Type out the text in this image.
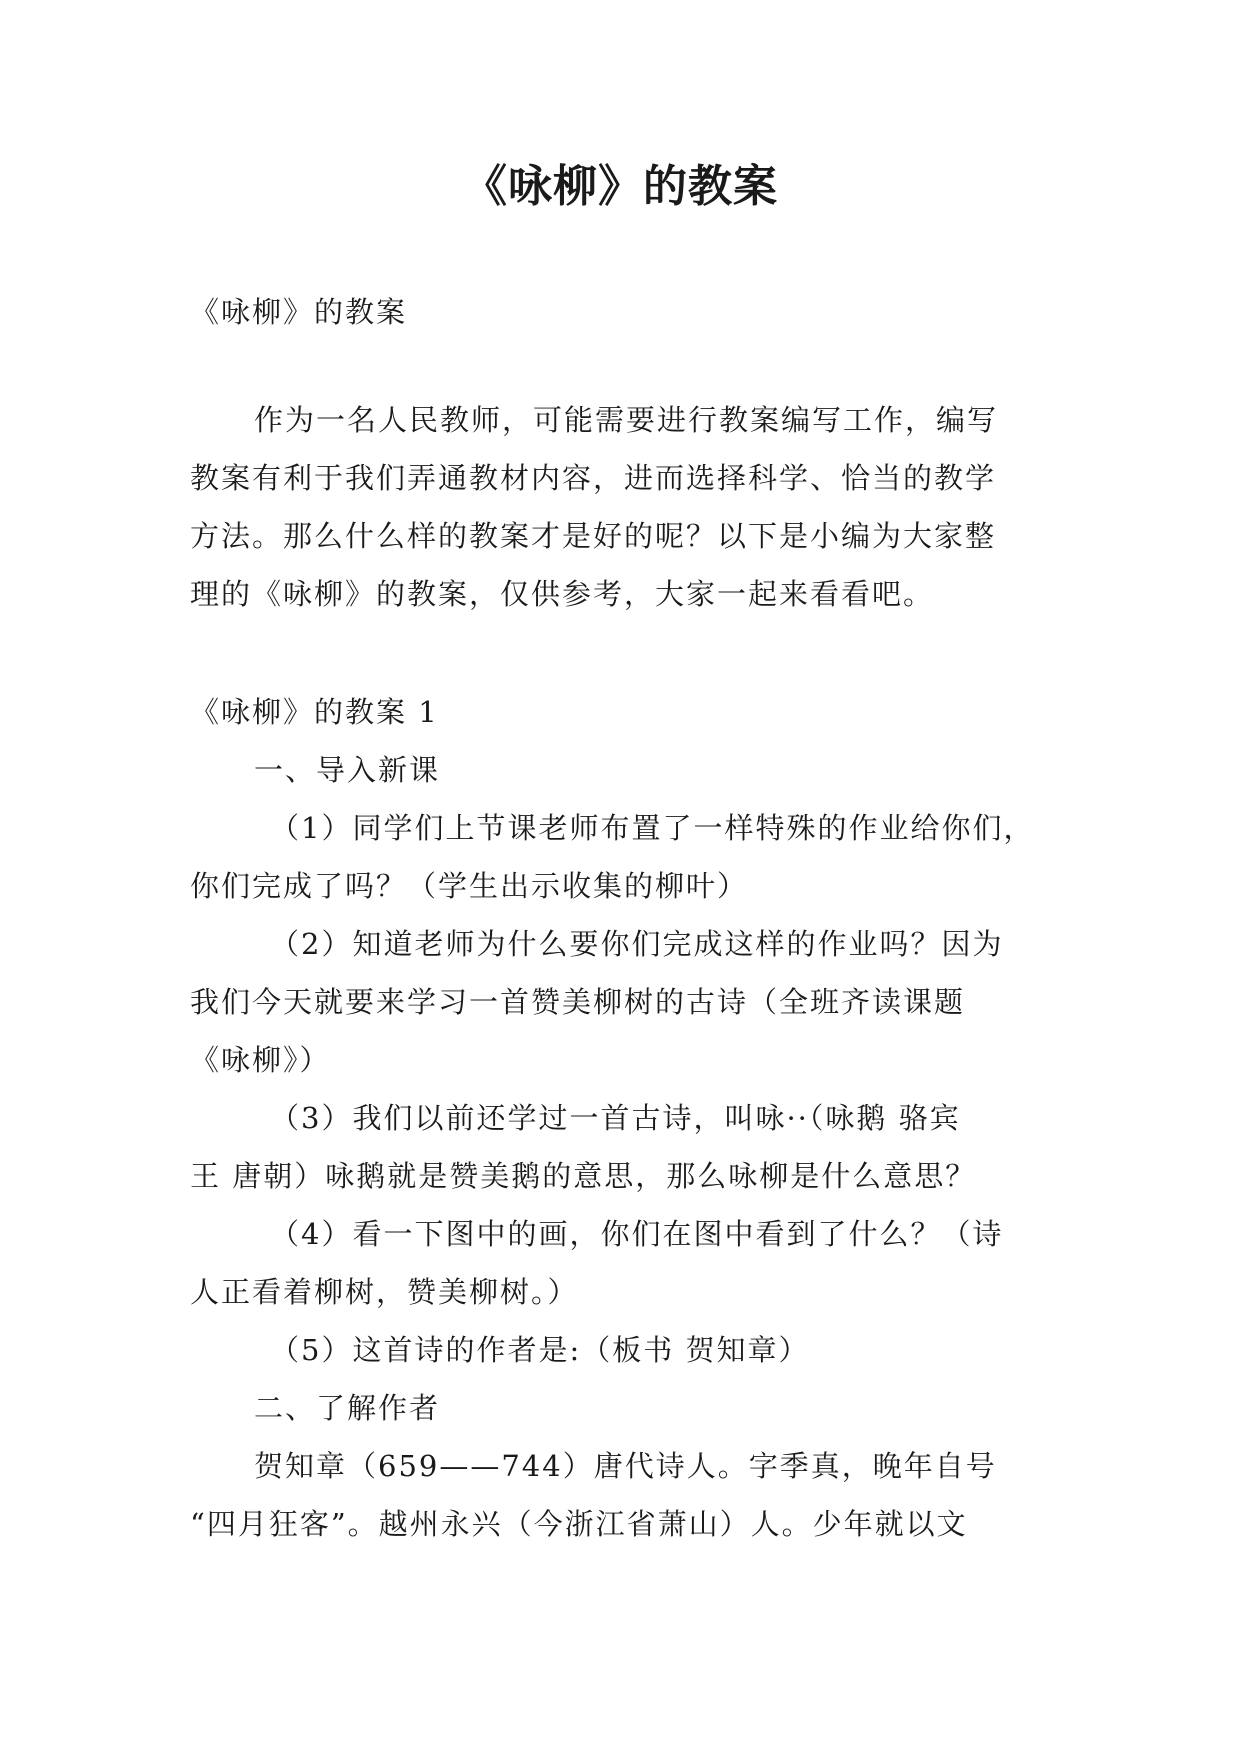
《咏柳》的教案

《咏柳》的教案

作为一名人民教师，可能需要进行教案编写工作，编写

教案有利于我们弄通教材内容，进而选择科学、恰当的教学

方法。那么什么样的教案才是好的呢？以下是小编为大家整

理的《咏柳》的教案，仅供参考，大家一起来看看吧。

《咏柳》的教案 1

一、导入新课

（1）同学们上节课老师布置了一样特殊的作业给你们，

你们完成了吗？（学生出示收集的柳叶）

（2）知道老师为什么要你们完成这样的作业吗？因为

我们今天就要来学习一首赞美柳树的古诗（全班齐读课题

《咏柳》）

（3）我们以前还学过一首古诗，叫咏··（咏鹅 骆宾

王 唐朝）咏鹅就是赞美鹅的意思，那么咏柳是什么意思？

（4）看一下图中的画，你们在图中看到了什么？（诗

人正看着柳树，赞美柳树。）

（5）这首诗的作者是:（板书 贺知章）

二、了解作者

贺知章（659——744）唐代诗人。字季真，晚年自号

“四月狂客”。越州永兴（今浙江省萧山）人。少年就以文
